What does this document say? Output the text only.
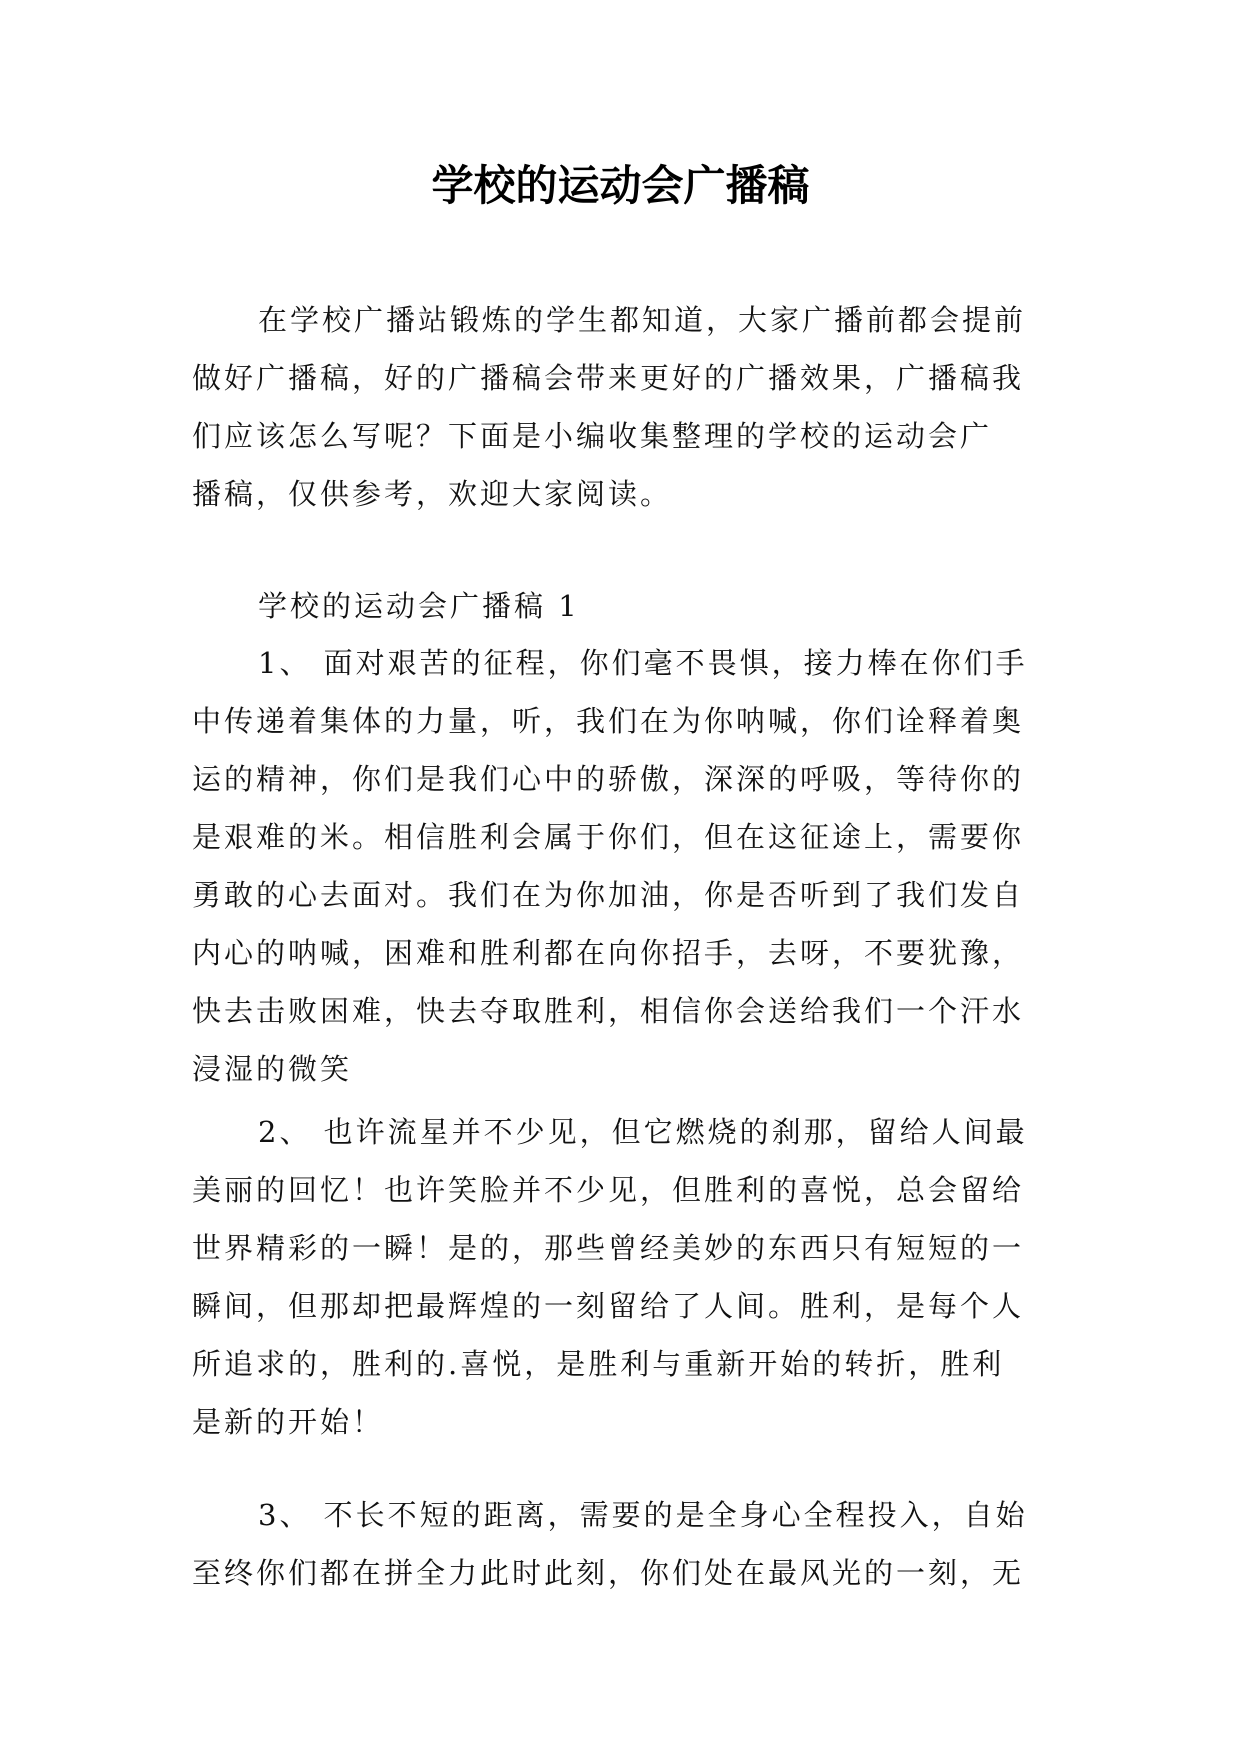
学校的运动会广播稿
在学校广播站锻炼的学生都知道，大家广播前都会提前
做好广播稿，好的广播稿会带来更好的广播效果，广播稿我
们应该怎么写呢？下面是小编收集整理的学校的运动会广
播稿，仅供参考，欢迎大家阅读。
学校的运动会广播稿 1
1、 面对艰苦的征程，你们毫不畏惧，接力棒在你们手
中传递着集体的力量，听，我们在为你呐喊，你们诠释着奥
运的精神，你们是我们心中的骄傲，深深的呼吸，等待你的
是艰难的米。相信胜利会属于你们，但在这征途上，需要你
勇敢的心去面对。我们在为你加油，你是否听到了我们发自
内心的呐喊，困难和胜利都在向你招手，去呀，不要犹豫，
快去击败困难，快去夺取胜利，相信你会送给我们一个汗水
浸湿的微笑
2、 也许流星并不少见，但它燃烧的刹那，留给人间最
美丽的回忆！也许笑脸并不少见，但胜利的喜悦，总会留给
世界精彩的一瞬！是的，那些曾经美妙的东西只有短短的一
瞬间，但那却把最辉煌的一刻留给了人间。胜利，是每个人
所追求的，胜利的.喜悦，是胜利与重新开始的转折，胜利
是新的开始！
3、 不长不短的距离，需要的是全身心全程投入，自始
至终你们都在拼全力此时此刻，你们处在最风光的一刻，无
